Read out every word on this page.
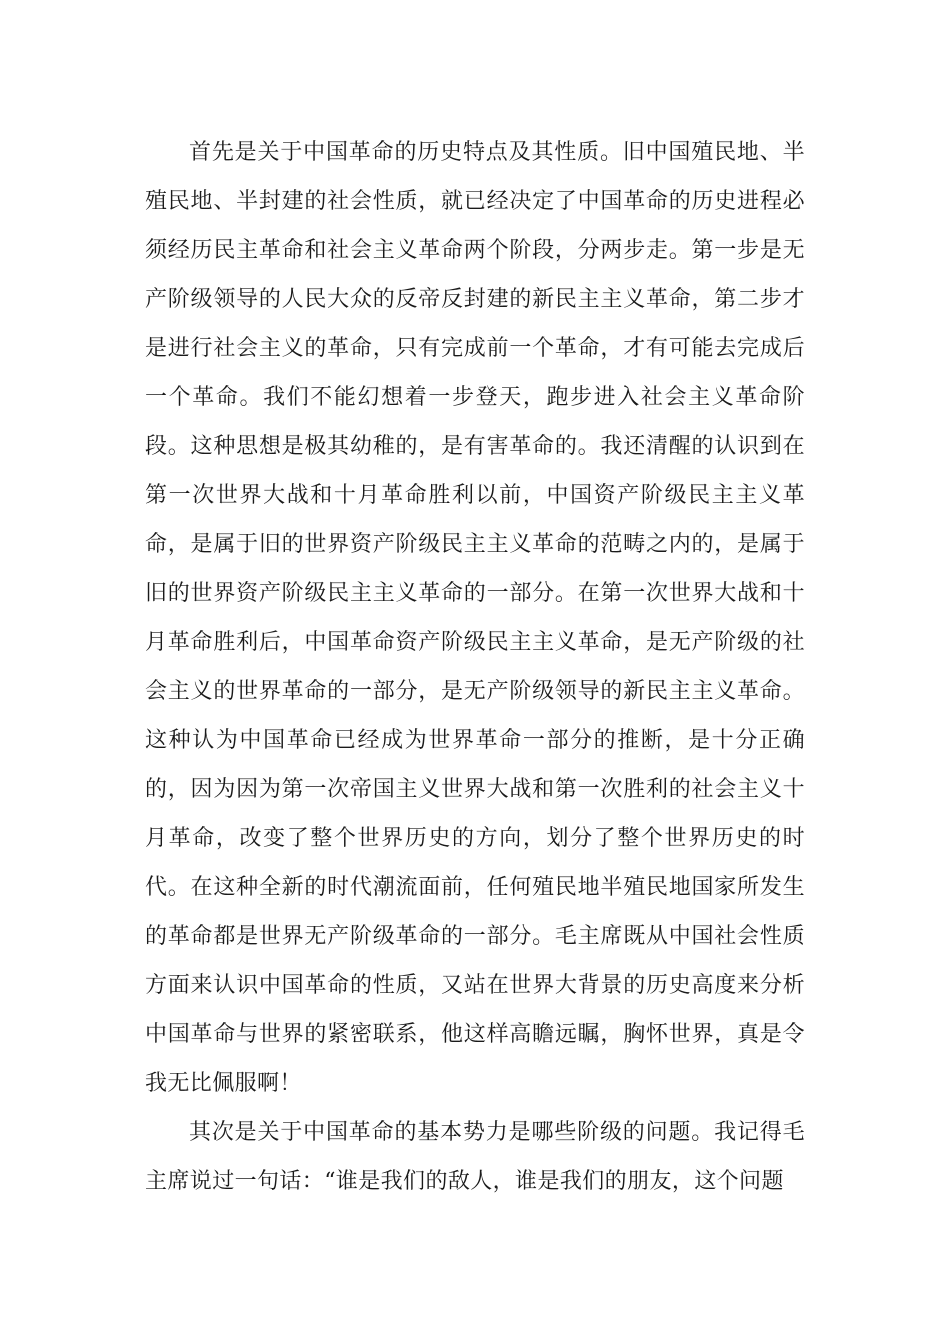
首先是关于中国革命的历史特点及其性质。旧中国殖民地、半殖民地、半封建的社会性质，就已经决定了中国革命的历史进程必须经历民主革命和社会主义革命两个阶段，分两步走。第一步是无产阶级领导的人民大众的反帝反封建的新民主主义革命，第二步才是进行社会主义的革命，只有完成前一个革命，才有可能去完成后一个革命。我们不能幻想着一步登天，跑步进入社会主义革命阶段。这种思想是极其幼稚的，是有害革命的。我还清醒的认识到在第一次世界大战和十月革命胜利以前，中国资产阶级民主主义革命，是属于旧的世界资产阶级民主主义革命的范畴之内的，是属于旧的世界资产阶级民主主义革命的一部分。在第一次世界大战和十月革命胜利后，中国革命资产阶级民主主义革命，是无产阶级的社会主义的世界革命的一部分，是无产阶级领导的新民主主义革命。这种认为中国革命已经成为世界革命一部分的推断，是十分正确的，因为因为第一次帝国主义世界大战和第一次胜利的社会主义十月革命，改变了整个世界历史的方向，划分了整个世界历史的时代。在这种全新的时代潮流面前，任何殖民地半殖民地国家所发生的革命都是世界无产阶级革命的一部分。毛主席既从中国社会性质方面来认识中国革命的性质，又站在世界大背景的历史高度来分析中国革命与世界的紧密联系，他这样高瞻远瞩，胸怀世界，真是令我无比佩服啊！

其次是关于中国革命的基本势力是哪些阶级的问题。我记得毛主席说过一句话：“谁是我们的敌人，谁是我们的朋友，这个问题
